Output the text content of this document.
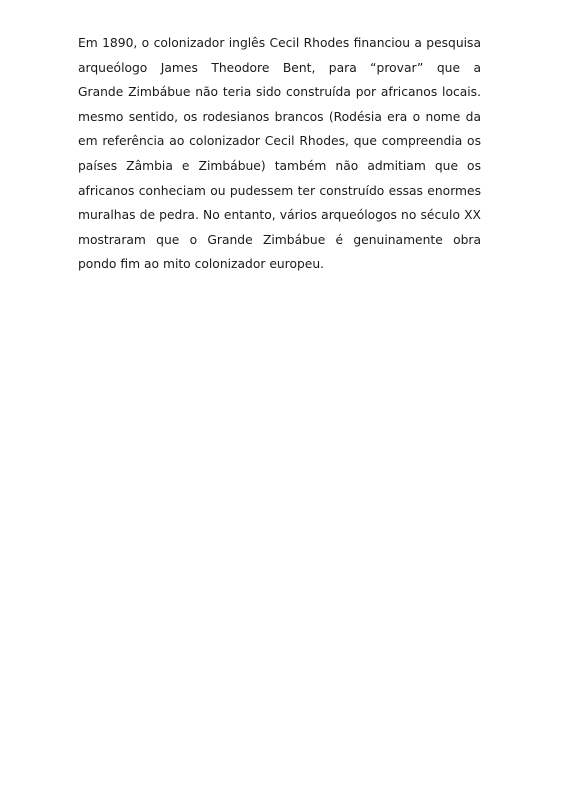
Em 1890, o colonizador inglês Cecil Rhodes financiou a pesquisa
arqueólogo James Theodore Bent, para “provar” que a
Grande Zimbábue não teria sido construída por africanos locais.
mesmo sentido, os rodesianos brancos (Rodésia era o nome da
em referência ao colonizador Cecil Rhodes, que compreendia os
países Zâmbia e Zimbábue) também não admitiam que os
africanos conheciam ou pudessem ter construído essas enormes
muralhas de pedra. No entanto, vários arqueólogos no século XX
mostraram que o Grande Zimbábue é genuinamente obra
pondo fim ao mito colonizador europeu.
